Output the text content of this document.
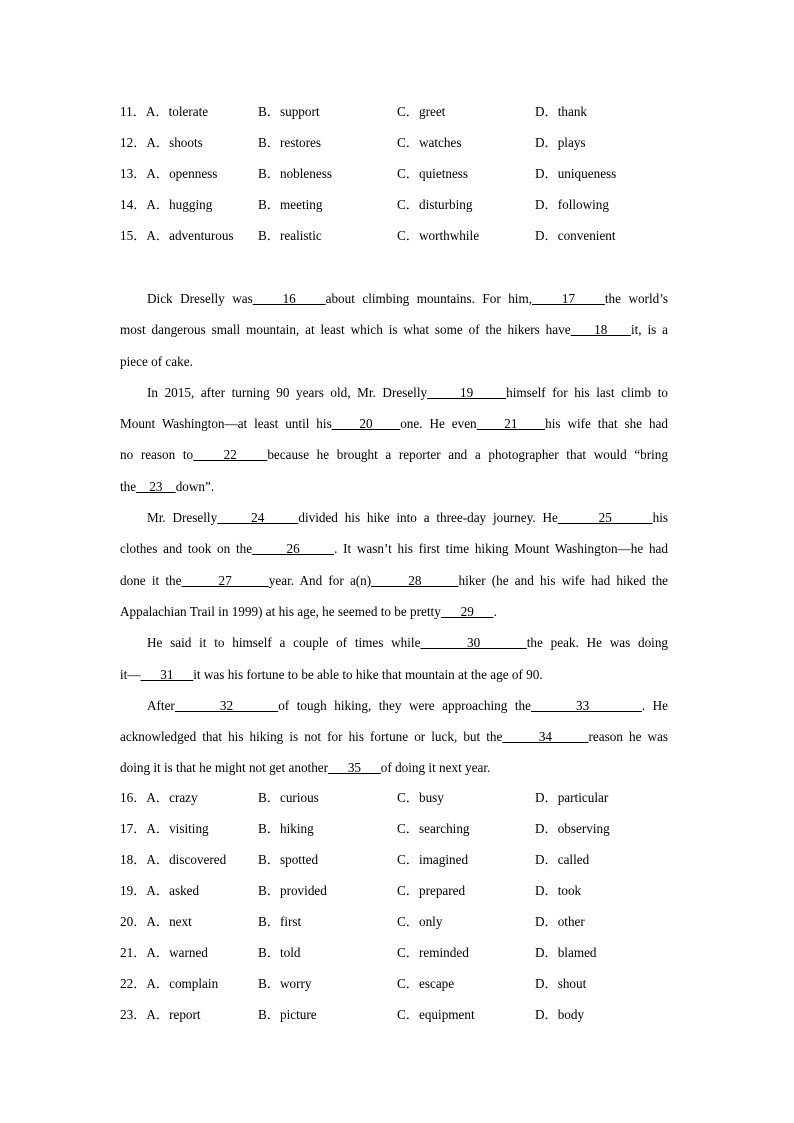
11．A．tolerate	B．support	C．greet	D．thank
12．A．shoots	B．restores	C．watches	D．plays
13．A．openness	B．nobleness	C．quietness	D．uniqueness
14．A．hugging	B．meeting	C．disturbing	D．following
15．A．adventurous B．realistic	C．worthwhile	D．convenient
Dick Dreselly was    16    about climbing mountains. For him,    17    the world’s
most dangerous small mountain, at least which is what some of the hikers have    18    it, is a
piece of cake.
In 2015, after turning 90 years old, Mr. Dreselly     19     himself for his last climb to
Mount Washington—at least until his    20    one. He even    21    his wife that she had
no reason to    22    because he brought a reporter and a photographer that would “bring
the    23    down”.
Mr. Dreselly     24     divided his hike into a three-day journey. He      25      his
clothes and took on the      26      . It wasn’t his first time hiking Mount Washington—he had
done it the      27      year. And for a(n)      28      hiker (he and his wife had hiked the
Appalachian Trail in 1999) at his age, he seemed to be pretty      29      .
He said it to himself a couple of times while      30      the peak. He was doing
it—      31      it was his fortune to be able to hike that mountain at the age of 90.
After      32      of tough hiking, they were approaching the      33       . He
acknowledged that his hiking is not for his fortune or luck, but the      34      reason he was
doing it is that he might not get another      35      of doing it next year.
16．A．crazy	B．curious	C．busy	D．particular
17．A．visiting	B．hiking	C．searching	D．observing
18．A．discovered B．spotted	C．imagined	D．called
19．A．asked	B．provided	C．prepared	D．took
20．A．next	B．first	C．only	D．other
21．A．warned	B．told	C．reminded	D．blamed
22．A．complain	B．worry	C．escape	D．shout
23．A．report	B．picture	C．equipment	D．body
